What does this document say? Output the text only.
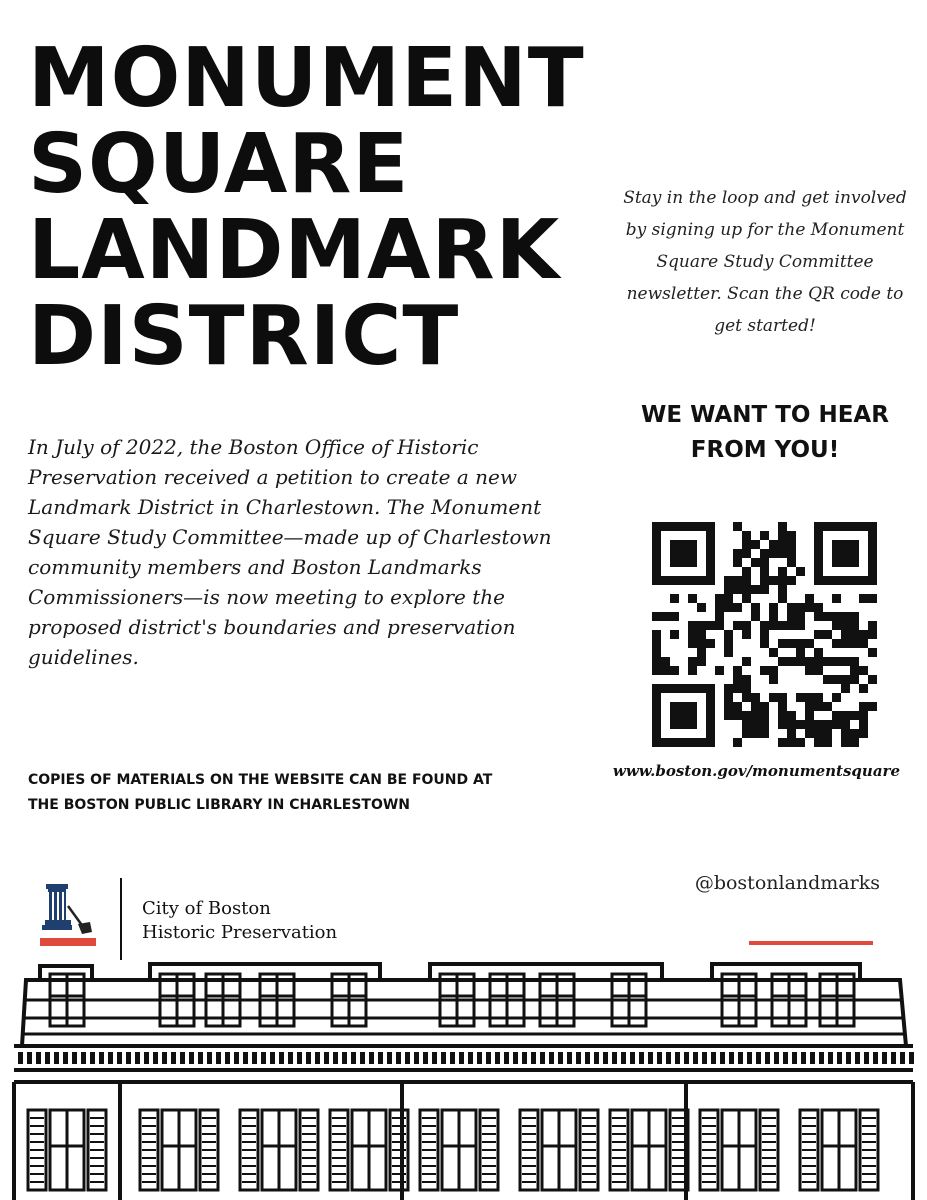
MONUMENT
SQUARE
LANDMARK
DISTRICT

In July of 2022, the Boston Office of Historic Preservation received a petition to create a new Landmark District in Charlestown. The Monument Square Study Committee—made up of Charlestown community members and Boston Landmarks Commissioners—is now meeting to explore the proposed district's boundaries and preservation guidelines.

COPIES OF MATERIALS ON THE WEBSITE CAN BE FOUND AT THE BOSTON PUBLIC LIBRARY IN CHARLESTOWN

Stay in the loop and get involved by signing up for the Monument Square Study Committee newsletter. Scan the QR code to get started!

WE WANT TO HEAR FROM YOU!

www.boston.gov/monumentsquare

@bostonlandmarks

City of Boston
Historic Preservation
